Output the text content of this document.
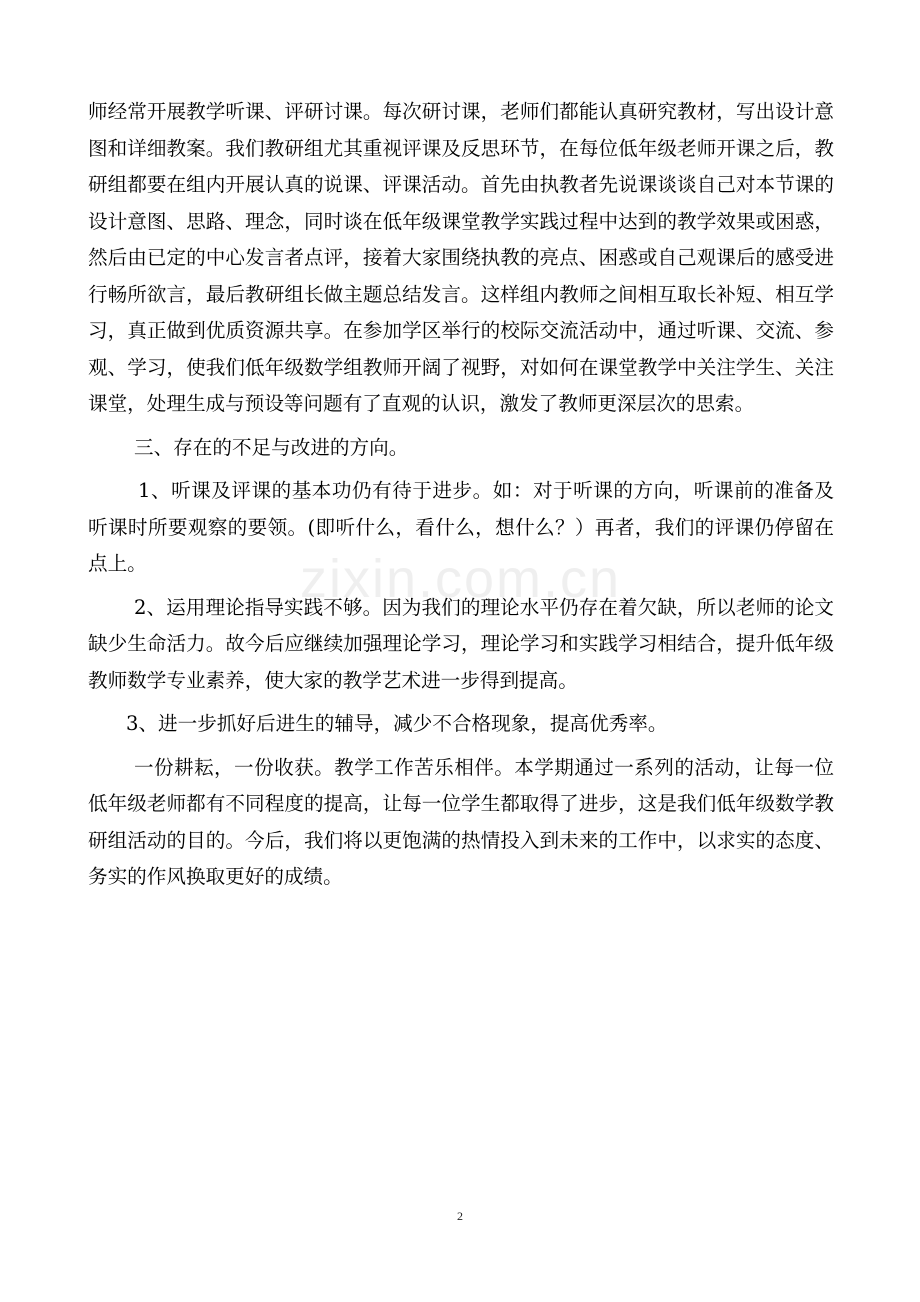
zixin.com.cn

师经常开展教学听课、评研讨课。每次研讨课，老师们都能认真研究教材，写出设计意图和详细教案。我们教研组尤其重视评课及反思环节，在每位低年级老师开课之后，教研组都要在组内开展认真的说课、评课活动。首先由执教者先说课谈谈自己对本节课的设计意图、思路、理念，同时谈在低年级课堂教学实践过程中达到的教学效果或困惑，然后由已定的中心发言者点评，接着大家围绕执教的亮点、困惑或自己观课后的感受进行畅所欲言，最后教研组长做主题总结发言。这样组内教师之间相互取长补短、相互学习，真正做到优质资源共享。在参加学区举行的校际交流活动中，通过听课、交流、参观、学习，使我们低年级数学组教师开阔了视野，对如何在课堂教学中关注学生、关注课堂，处理生成与预设等问题有了直观的认识，激发了教师更深层次的思索。

三、存在的不足与改进的方向。

1、听课及评课的基本功仍有待于进步。如：对于听课的方向，听课前的准备及听课时所要观察的要领。(即听什么，看什么，想什么？）再者，我们的评课仍停留在点上。

2、运用理论指导实践不够。因为我们的理论水平仍存在着欠缺，所以老师的论文缺少生命活力。故今后应继续加强理论学习，理论学习和实践学习相结合，提升低年级教师数学专业素养，使大家的教学艺术进一步得到提高。

3、进一步抓好后进生的辅导，减少不合格现象，提高优秀率。

一份耕耘，一份收获。教学工作苦乐相伴。本学期通过一系列的活动，让每一位低年级老师都有不同程度的提高，让每一位学生都取得了进步，这是我们低年级数学教研组活动的目的。今后，我们将以更饱满的热情投入到未来的工作中，以求实的态度、务实的作风换取更好的成绩。

2
